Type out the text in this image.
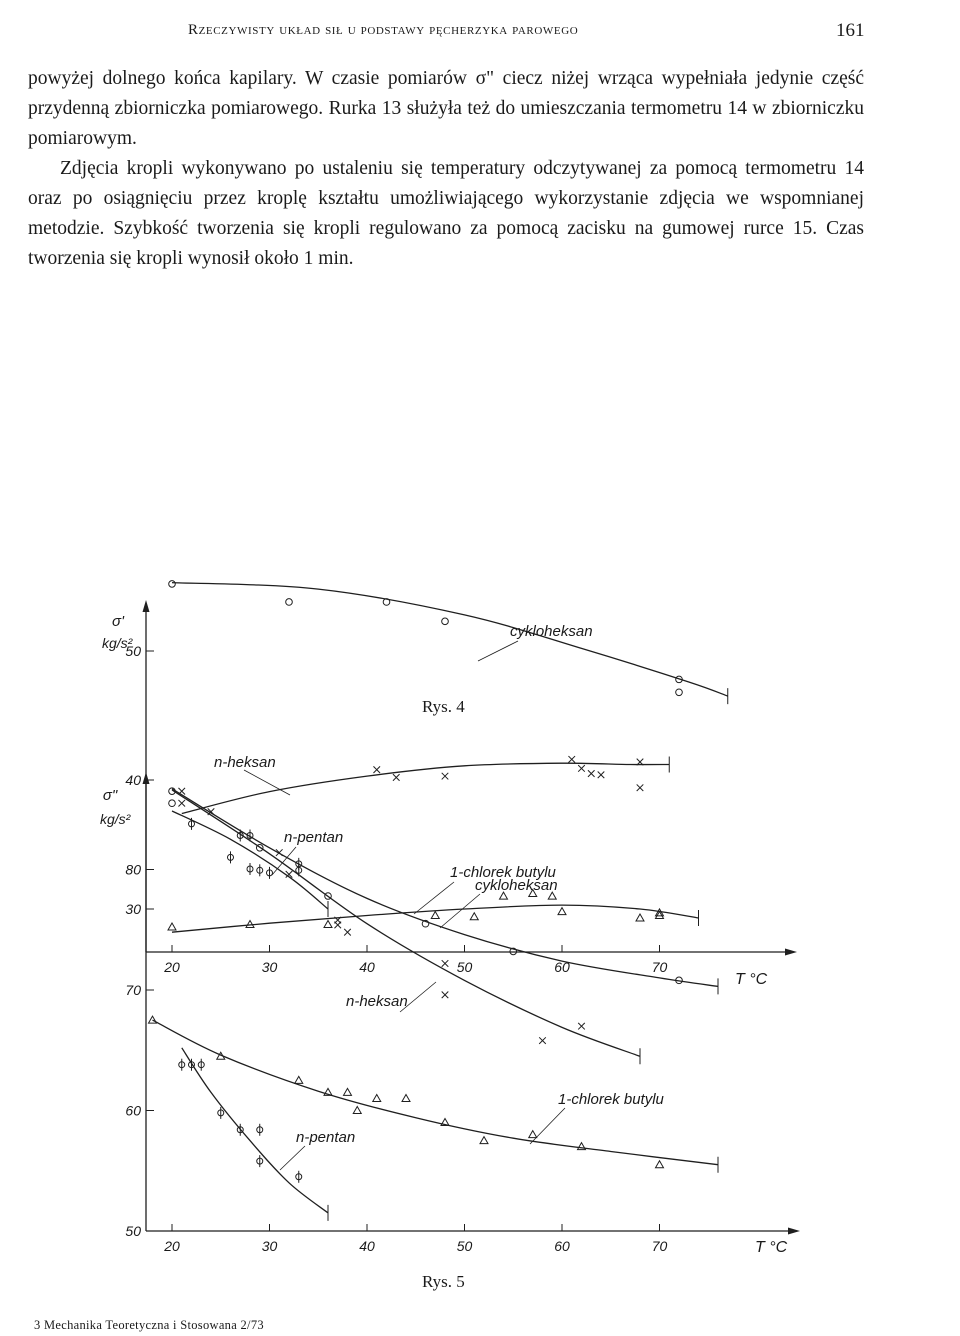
Rzeczywisty układ sił u podstawy pęcherzyka parowego	161

powyżej dolnego końca kapilary. W czasie pomiarów σ" ciecz niżej wrząca wypełniała jedynie część przydenną zbiorniczka pomiarowego. Rurka 13 służyła też do umieszczania termometru 14 w zbiorniczku pomiarowym.

Zdjęcia kropli wykonywano po ustaleniu się temperatury odczytywanej za pomocą termometru 14 oraz po osiągnięciu przez kroplę kształtu umożliwiającego wykorzystanie zdjęcia we wspomnianej metodzie. Szybkość tworzenia się kropli regulowano za pomocą zacisku na gumowej rurce 15. Czas tworzenia się kropli wynosił około 1 min.

20	30	40	50	60	70
30
40
50
σ'
kg/s²
T °C
cykloheksan
n-heksan
n-pentan
1-chlorek butylu
Rys. 4
20	30	40	50	60	70
50
60
70
80
σ"
kg/s²
T °C
cykloheksan
n-heksan
n-pentan
1-chlorek butylu
Rys. 5
3 Mechanika Teoretyczna i Stosowana 2/73
